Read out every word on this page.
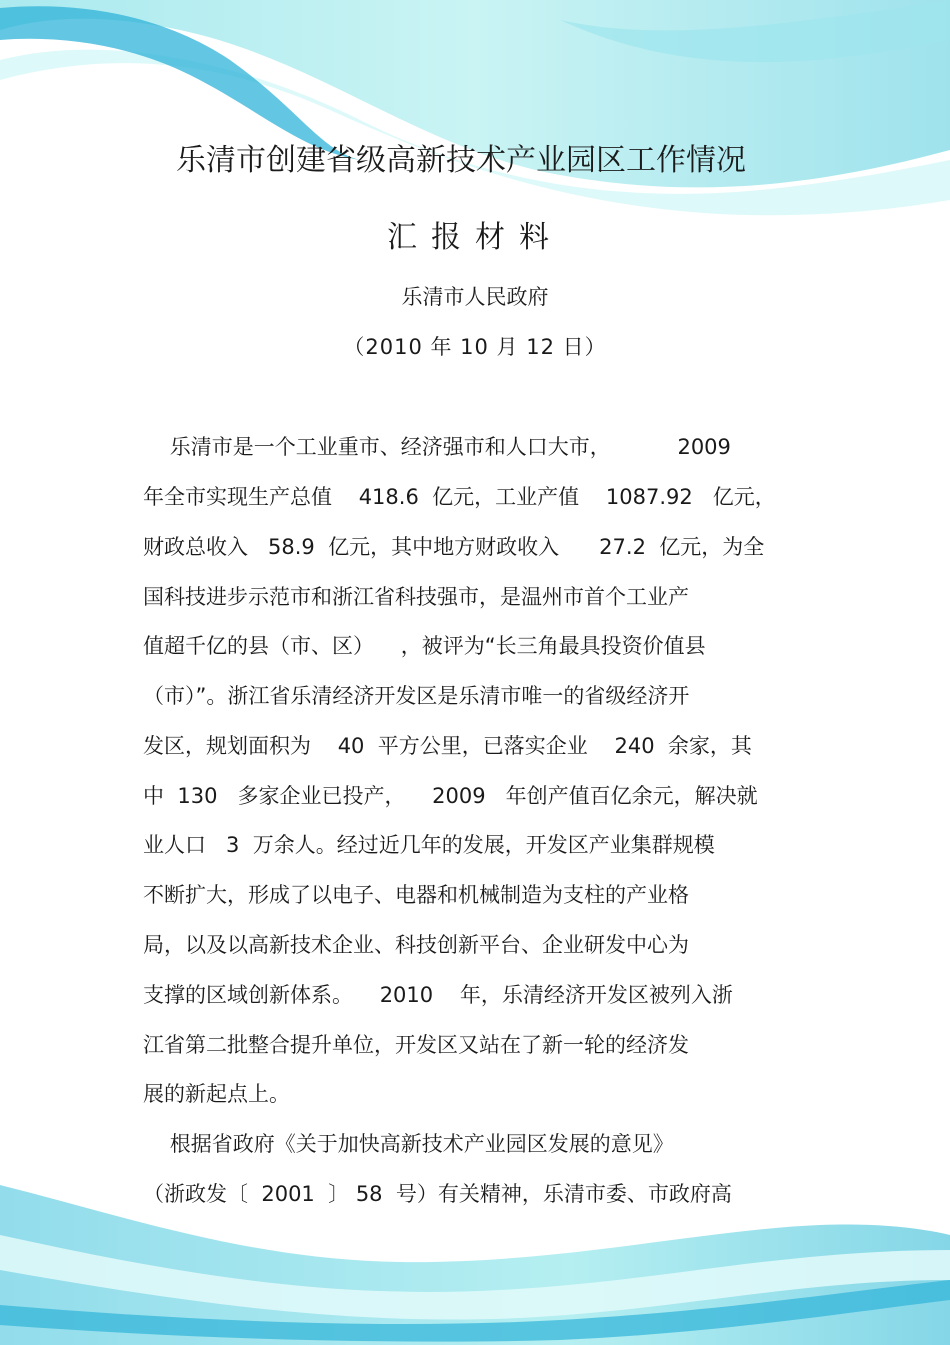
乐清市创建省级高新技术产业园区工作情况
汇报材料
乐清市人民政府
（2010 年 10 月 12 日）

乐清市是一个工业重市、经济强市和人口大市，          2009

年全市实现生产总值    418.6  亿元，工业产值    1087.92   亿元，

财政总收入   58.9  亿元，其中地方财政收入      27.2  亿元，为全

国科技进步示范市和浙江省科技强市，是温州市首个工业产

值超千亿的县（市、区）    ，被评为“长三角最具投资价值县

（市）”。浙江省乐清经济开发区是乐清市唯一的省级经济开

发区，规划面积为    40  平方公里，已落实企业    240  余家，其

中  130   多家企业已投产，    2009   年创产值百亿余元，解决就

业人口   3  万余人。经过近几年的发展，开发区产业集群规模

不断扩大，形成了以电子、电器和机械制造为支柱的产业格

局，以及以高新技术企业、科技创新平台、企业研发中心为

支撑的区域创新体系。    2010    年，乐清经济开发区被列入浙

江省第二批整合提升单位，开发区又站在了新一轮的经济发

展的新起点上。

根据省政府《关于加快高新技术产业园区发展的意见》

（浙政发〔  2001  〕 58  号）有关精神，乐清市委、市政府高
